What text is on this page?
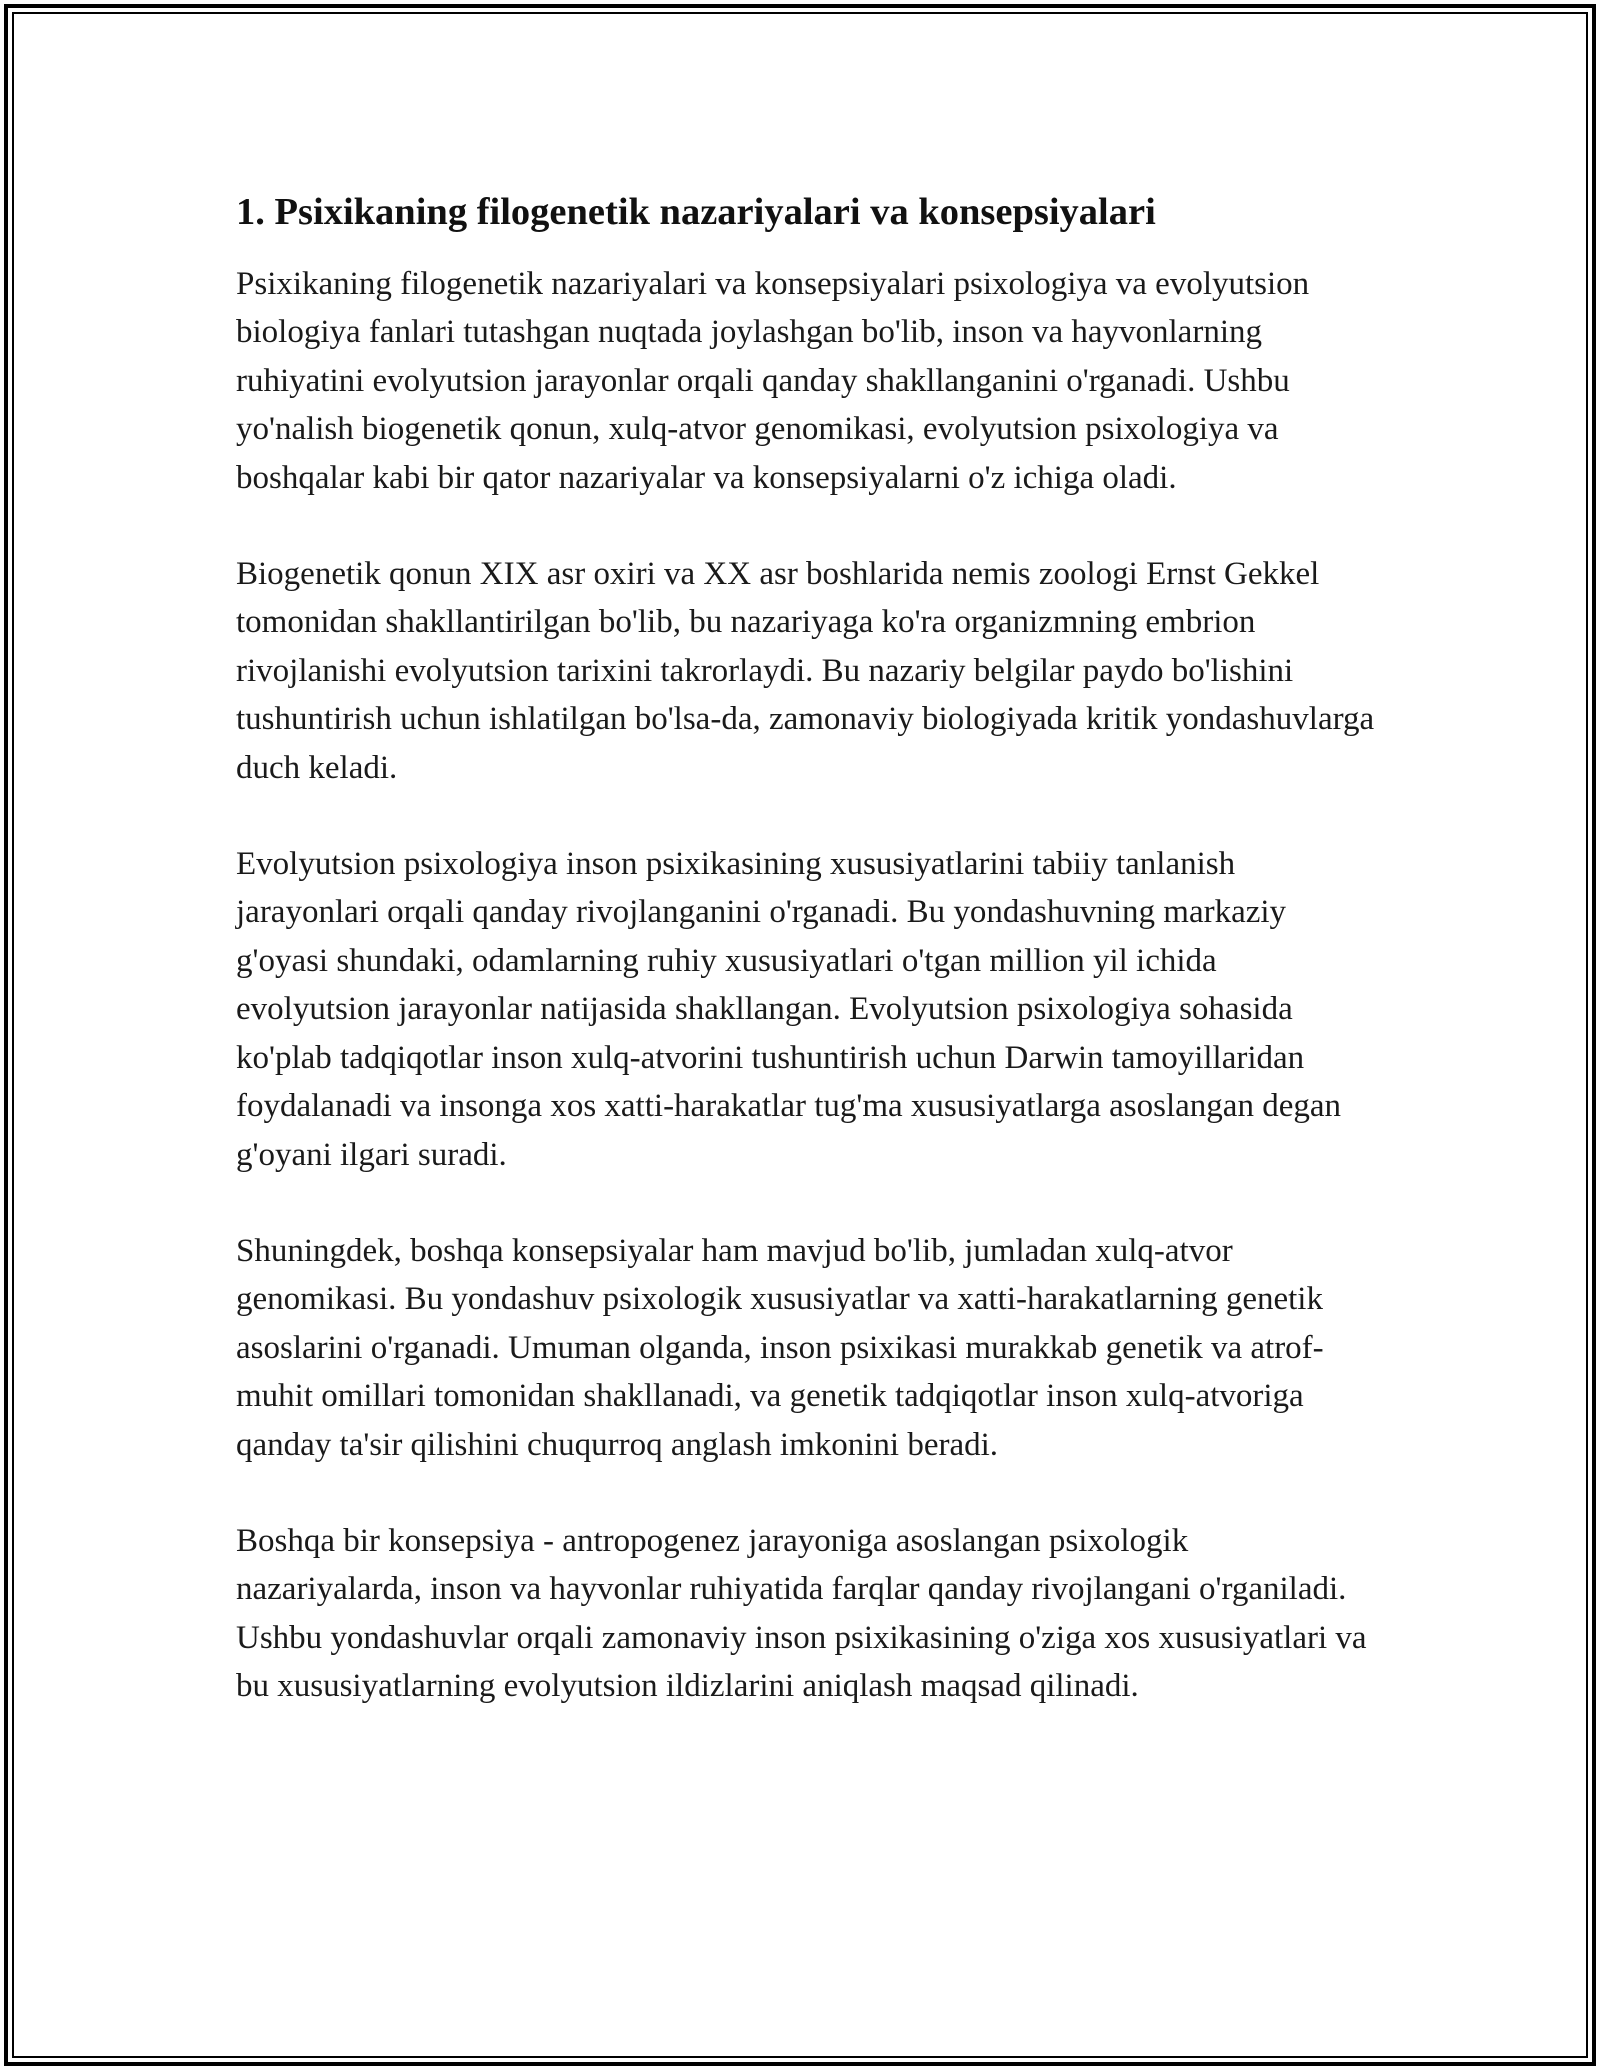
1. Psixikaning filogenetik nazariyalari va konsepsiyalari

Psixikaning filogenetik nazariyalari va konsepsiyalari psixologiya va evolyutsion biologiya fanlari tutashgan nuqtada joylashgan bo'lib, inson va hayvonlarning ruhiyatini evolyutsion jarayonlar orqali qanday shakllanganini o'rganadi. Ushbu yo'nalish biogenetik qonun, xulq-atvor genomikasi, evolyutsion psixologiya va boshqalar kabi bir qator nazariyalar va konsepsiyalarni o'z ichiga oladi.

Biogenetik qonun XIX asr oxiri va XX asr boshlarida nemis zoologi Ernst Gekkel tomonidan shakllantirilgan bo'lib, bu nazariyaga ko'ra organizmning embrion rivojlanishi evolyutsion tarixini takrorlaydi. Bu nazariy belgilar paydo bo'lishini tushuntirish uchun ishlatilgan bo'lsa-da, zamonaviy biologiyada kritik yondashuvlarga duch keladi.

Evolyutsion psixologiya inson psixikasining xususiyatlarini tabiiy tanlanish jarayonlari orqali qanday rivojlanganini o'rganadi. Bu yondashuvning markaziy g'oyasi shundaki, odamlarning ruhiy xususiyatlari o'tgan million yil ichida evolyutsion jarayonlar natijasida shakllangan. Evolyutsion psixologiya sohasida ko'plab tadqiqotlar inson xulq-atvorini tushuntirish uchun Darwin tamoyillaridan foydalanadi va insonga xos xatti-harakatlar tug'ma xususiyatlarga asoslangan degan g'oyani ilgari suradi.

Shuningdek, boshqa konsepsiyalar ham mavjud bo'lib, jumladan xulq-atvor genomikasi. Bu yondashuv psixologik xususiyatlar va xatti-harakatlarning genetik asoslarini o'rganadi. Umuman olganda, inson psixikasi murakkab genetik va atrof-muhit omillari tomonidan shakllanadi, va genetik tadqiqotlar inson xulq-atvoriga qanday ta'sir qilishini chuqurroq anglash imkonini beradi.

Boshqa bir konsepsiya - antropogenez jarayoniga asoslangan psixologik nazariyalarda, inson va hayvonlar ruhiyatida farqlar qanday rivojlangani o'rganiladi. Ushbu yondashuvlar orqali zamonaviy inson psixikasining o'ziga xos xususiyatlari va bu xususiyatlarning evolyutsion ildizlarini aniqlash maqsad qilinadi.
